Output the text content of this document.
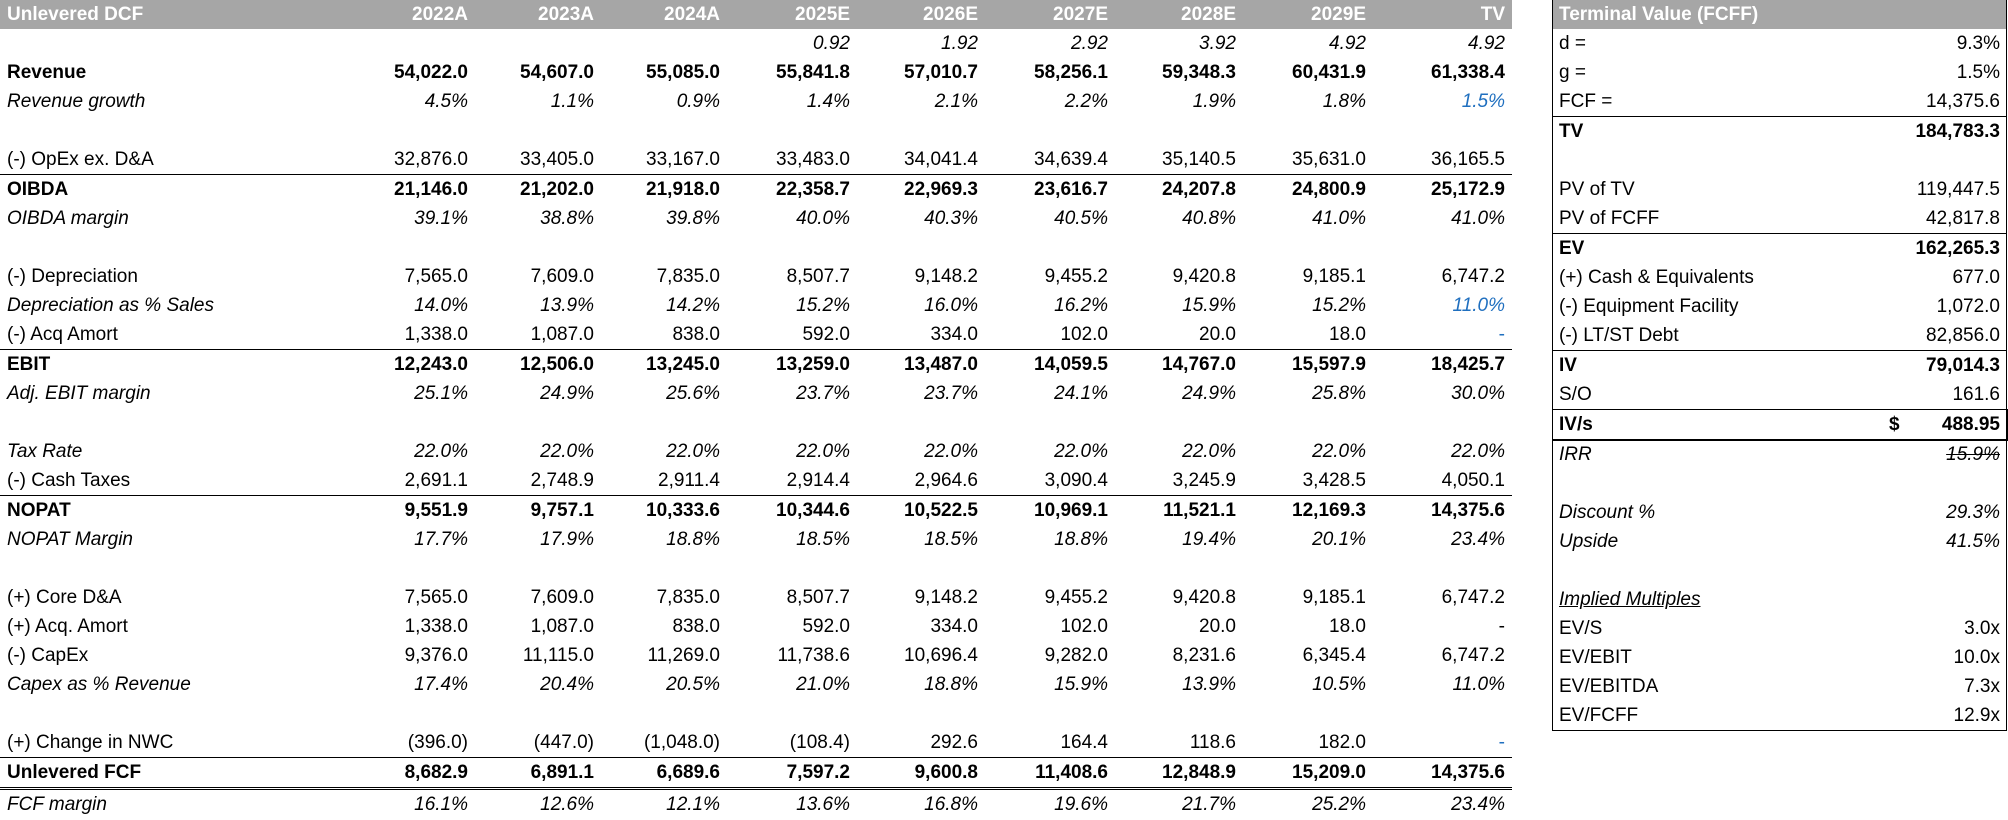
Unlevered DCF	2022A	2023A	2024A	2025E	2026E	2027E	2028E	2029E	TV
				0.92	1.92	2.92	3.92	4.92	4.92
Revenue	54,022.0	54,607.0	55,085.0	55,841.8	57,010.7	58,256.1	59,348.3	60,431.9	61,338.4
Revenue growth	4.5%	1.1%	0.9%	1.4%	2.1%	2.2%	1.9%	1.8%	1.5%

(-) OpEx ex. D&A	32,876.0	33,405.0	33,167.0	33,483.0	34,041.4	34,639.4	35,140.5	35,631.0	36,165.5
OIBDA	21,146.0	21,202.0	21,918.0	22,358.7	22,969.3	23,616.7	24,207.8	24,800.9	25,172.9
OIBDA margin	39.1%	38.8%	39.8%	40.0%	40.3%	40.5%	40.8%	41.0%	41.0%

(-) Depreciation	7,565.0	7,609.0	7,835.0	8,507.7	9,148.2	9,455.2	9,420.8	9,185.1	6,747.2
Depreciation as % Sales	14.0%	13.9%	14.2%	15.2%	16.0%	16.2%	15.9%	15.2%	11.0%
(-) Acq Amort	1,338.0	1,087.0	838.0	592.0	334.0	102.0	20.0	18.0	-
EBIT	12,243.0	12,506.0	13,245.0	13,259.0	13,487.0	14,059.5	14,767.0	15,597.9	18,425.7
Adj. EBIT margin	25.1%	24.9%	25.6%	23.7%	23.7%	24.1%	24.9%	25.8%	30.0%

Tax Rate	22.0%	22.0%	22.0%	22.0%	22.0%	22.0%	22.0%	22.0%	22.0%
(-) Cash Taxes	2,691.1	2,748.9	2,911.4	2,914.4	2,964.6	3,090.4	3,245.9	3,428.5	4,050.1
NOPAT	9,551.9	9,757.1	10,333.6	10,344.6	10,522.5	10,969.1	11,521.1	12,169.3	14,375.6
NOPAT Margin	17.7%	17.9%	18.8%	18.5%	18.5%	18.8%	19.4%	20.1%	23.4%

(+) Core D&A	7,565.0	7,609.0	7,835.0	8,507.7	9,148.2	9,455.2	9,420.8	9,185.1	6,747.2
(+) Acq. Amort	1,338.0	1,087.0	838.0	592.0	334.0	102.0	20.0	18.0	-
(-) CapEx	9,376.0	11,115.0	11,269.0	11,738.6	10,696.4	9,282.0	8,231.6	6,345.4	6,747.2
Capex as % Revenue	17.4%	20.4%	20.5%	21.0%	18.8%	15.9%	13.9%	10.5%	11.0%

(+) Change in NWC	(396.0)	(447.0)	(1,048.0)	(108.4)	292.6	164.4	118.6	182.0	-
Unlevered FCF	8,682.9	6,891.1	6,689.6	7,597.2	9,600.8	11,408.6	12,848.9	15,209.0	14,375.6
FCF margin	16.1%	12.6%	12.1%	13.6%	16.8%	19.6%	21.7%	25.2%	23.4%
Terminal Value (FCFF)	
d =	9.3%
g =	1.5%
FCF =	14,375.6
TV	184,783.3

PV of TV	119,447.5
PV of FCFF	42,817.8
EV	162,265.3
(+) Cash & Equivalents	677.0
(-) Equipment Facility	1,072.0
(-) LT/ST Debt	82,856.0
IV	79,014.3
S/O	161.6
IV/s $	488.95
IRR	15.9%

Discount %	29.3%
Upside	41.5%

Implied Multiples	
EV/S	3.0x
EV/EBIT	10.0x
EV/EBITDA	7.3x
EV/FCFF	12.9x
